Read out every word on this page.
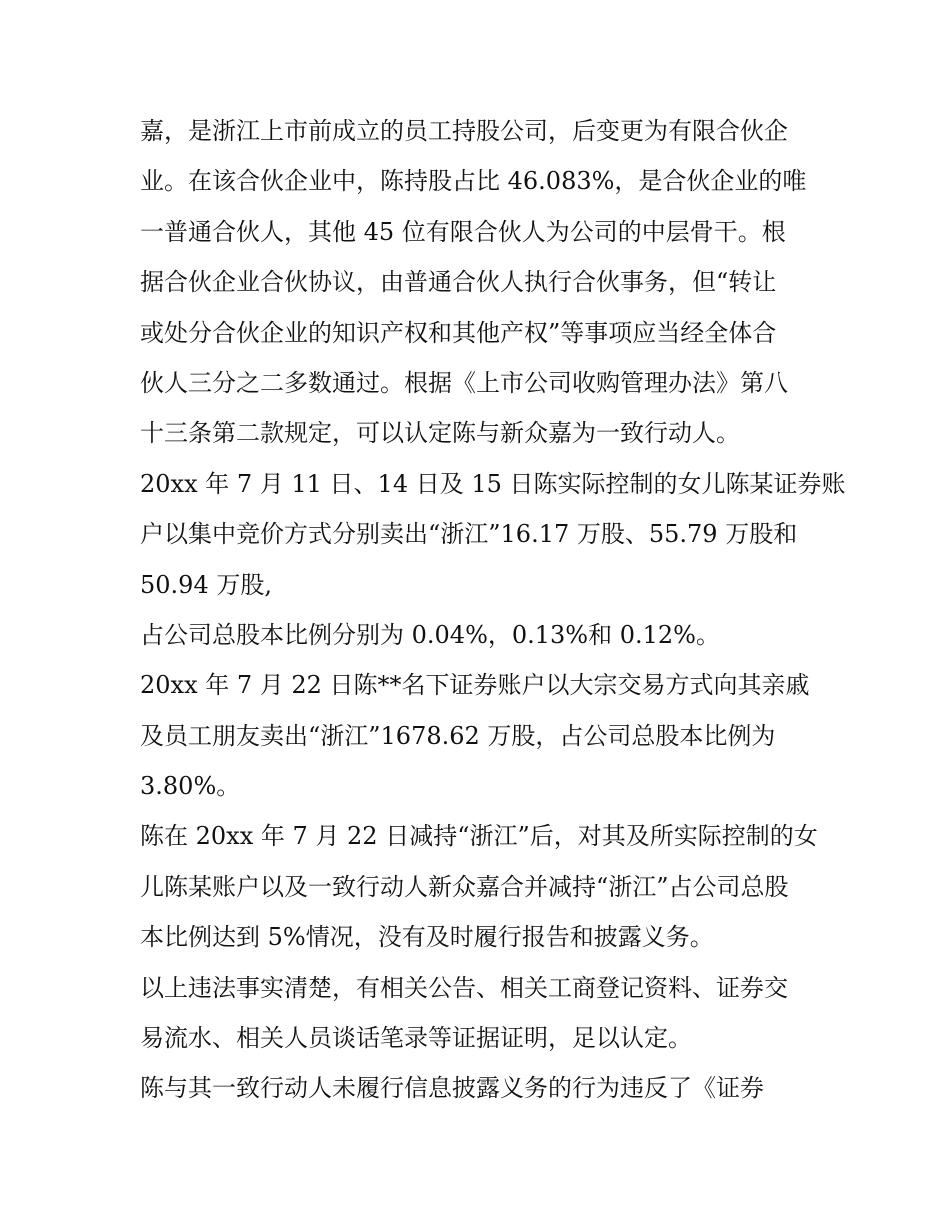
嘉，是浙江上市前成立的员工持股公司，后变更为有限合伙企
业。在该合伙企业中，陈持股占比 46.083%，是合伙企业的唯
一普通合伙人，其他 45 位有限合伙人为公司的中层骨干。根
据合伙企业合伙协议，由普通合伙人执行合伙事务，但“转让
或处分合伙企业的知识产权和其他产权”等事项应当经全体合
伙人三分之二多数通过。根据《上市公司收购管理办法》第八
十三条第二款规定，可以认定陈与新众嘉为一致行动人。
20xx 年 7 月 11 日、14 日及 15 日陈实际控制的女儿陈某证券账
户以集中竞价方式分别卖出“浙江”16.17 万股、55.79 万股和
50.94 万股,
占公司总股本比例分别为 0.04%，0.13%和 0.12%。
20xx 年 7 月 22 日陈**名下证券账户以大宗交易方式向其亲戚
及员工朋友卖出“浙江”1678.62 万股，占公司总股本比例为
3.80%。
陈在 20xx 年 7 月 22 日减持“浙江”后，对其及所实际控制的女
儿陈某账户以及一致行动人新众嘉合并减持“浙江”占公司总股
本比例达到 5%情况，没有及时履行报告和披露义务。
以上违法事实清楚，有相关公告、相关工商登记资料、证券交
易流水、相关人员谈话笔录等证据证明，足以认定。
陈与其一致行动人未履行信息披露义务的行为违反了《证券
